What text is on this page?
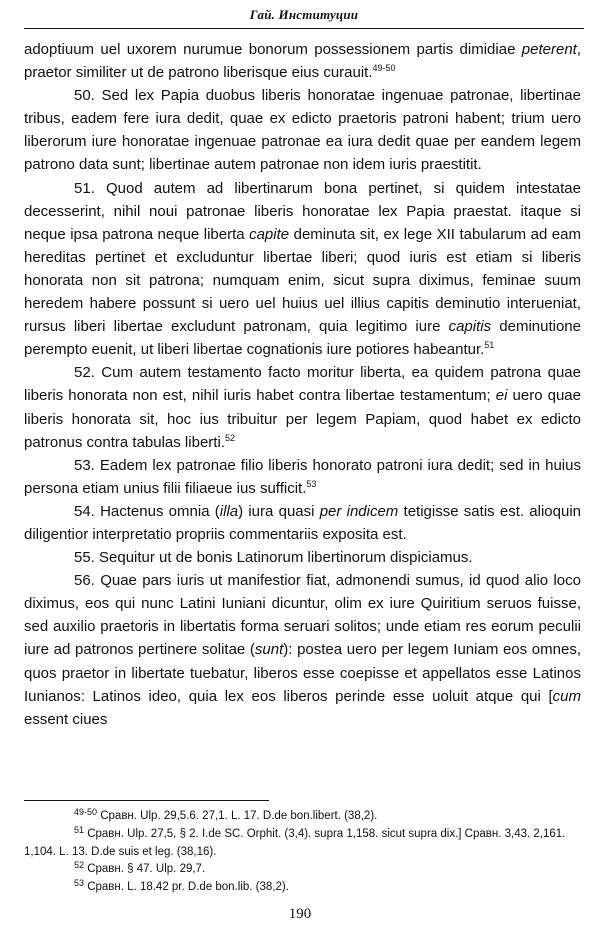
Гай. Институции

adoptiuum uel uxorem nurumue bonorum possessionem partis dimidiae peterent, praetor similiter ut de patrono liberisque eius curauit.$^{49-50}$

50. Sed lex Papia duobus liberis honoratae ingenuae patronae, libertinae tribus, eadem fere iura dedit, quae ex edicto praetoris patroni habent; trium uero liberorum iure honoratae ingenuae patronae ea iura dedit quae per eandem legem patrono data sunt; libertinae autem patronae non idem iuris praestitit.

51. Quod autem ad libertinarum bona pertinet, si quidem intestatae decesserint, nihil noui patronae liberis honoratae lex Papia praestat. itaque si neque ipsa patrona neque liberta capite deminuta sit, ex lege XII tabularum ad eam hereditas pertinet et excluduntur libertae liberi; quod iuris est etiam si liberis honorata non sit patrona; numquam enim, sicut supra diximus, feminae suum heredem habere possunt si uero uel huius uel illius capitis deminutio interueniat, rursus liberi libertae excludunt patronam, quia legitimo iure capitis deminutione perempto euenit, ut liberi libertae cognationis iure potiores habeantur.$^{51}$

52. Cum autem testamento facto moritur liberta, ea quidem patrona quae liberis honorata non est, nihil iuris habet contra libertae testamentum; ei uero quae liberis honorata sit, hoc ius tribuitur per legem Papiam, quod habet ex edicto patronus contra tabulas liberti.$^{52}$

53. Eadem lex patronae filio liberis honorato patroni iura dedit; sed in huius persona etiam unius filii filiaeue ius sufficit.$^{53}$

54. Hactenus omnia (illa) iura quasi per indicem tetigisse satis est. alioquin diligentior interpretatio propriis commentariis exposita est.

55. Sequitur ut de bonis Latinorum libertinorum dispiciamus.

56. Quae pars iuris ut manifestior fiat, admonendi sumus, id quod alio loco diximus, eos qui nunc Latini Iuniani dicuntur, olim ex iure Quiritium seruos fuisse, sed auxilio praetoris in libertatis forma seruari solitos; unde etiam res eorum peculii iure ad patronos pertinere solitae (sunt): postea uero per legem Iuniam eos omnes, quos praetor in libertate tuebatur, liberos esse coepisse et appellatos esse Latinos Iunianos: Latinos ideo, quia lex eos liberos perinde esse uoluit atque qui [cum essent ciues

$^{49-50}$ Сравн. Ulp. 29,5.6. 27,1. L. 17. D.de bon.libert. (38,2).

$^{51}$ Сравн. Ulp. 27,5, § 2. I.de SC. Orphit. (3,4). supra 1,158. sicut supra dix.] Сравн. 3,43. 2,161. 1,104. L. 13. D.de suis et leg. (38,16).

$^{52}$ Сравн. § 47. Ulp. 29,7.

$^{53}$ Сравн. L. 18.42 pr. D.de bon.lib. (38,2).

190
